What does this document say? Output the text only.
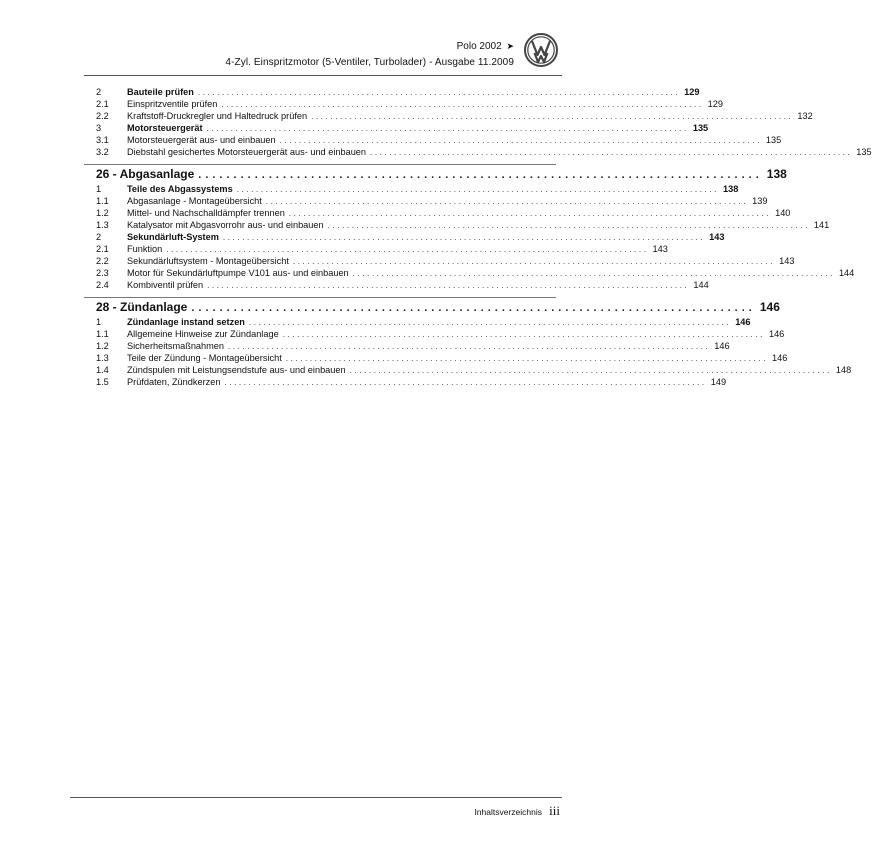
Polo 2002 ➤
4-Zyl. Einspritzmotor (5-Ventiler, Turbolader) - Ausgabe 11.2009
2	Bauteile prüfen .................................................................................................... 129
2.1	Einspritzventile prüfen .................................................................................................... 129
2.2	Kraftstoff-Druckregler und Haltedruck prüfen .................................................................................................... 132
3	Motorsteuergerät .................................................................................................... 135
3.1	Motorsteuergerät aus- und einbauen .................................................................................................... 135
3.2	Diebstahl gesichertes Motorsteuergerät aus- und einbauen .................................................................................................... 135
26 - Abgasanlage ................................................................................ 138
1	Teile des Abgassystems .................................................................................................... 138
1.1	Abgasanlage - Montageübersicht .................................................................................................... 139
1.2	Mittel- und Nachschalldämpfer trennen .................................................................................................... 140
1.3	Katalysator mit Abgasvorrohr aus- und einbauen .................................................................................................... 141
2	Sekundärluft-System .................................................................................................... 143
2.1	Funktion .................................................................................................... 143
2.2	Sekundärluftsystem - Montageübersicht .................................................................................................... 143
2.3	Motor für Sekundärluftpumpe V101 aus- und einbauen .................................................................................................... 144
2.4	Kombiventil prüfen .................................................................................................... 144
28 - Zündanlage ................................................................................ 146
1	Zündanlage instand setzen .................................................................................................... 146
1.1	Allgemeine Hinweise zur Zündanlage .................................................................................................... 146
1.2	Sicherheitsmaßnahmen .................................................................................................... 146
1.3	Teile der Zündung - Montageübersicht .................................................................................................... 146
1.4	Zündspulen mit Leistungsendstufe aus- und einbauen .................................................................................................... 148
1.5	Prüfdaten, Zündkerzen .................................................................................................... 149
Inhaltsverzeichnis iii
